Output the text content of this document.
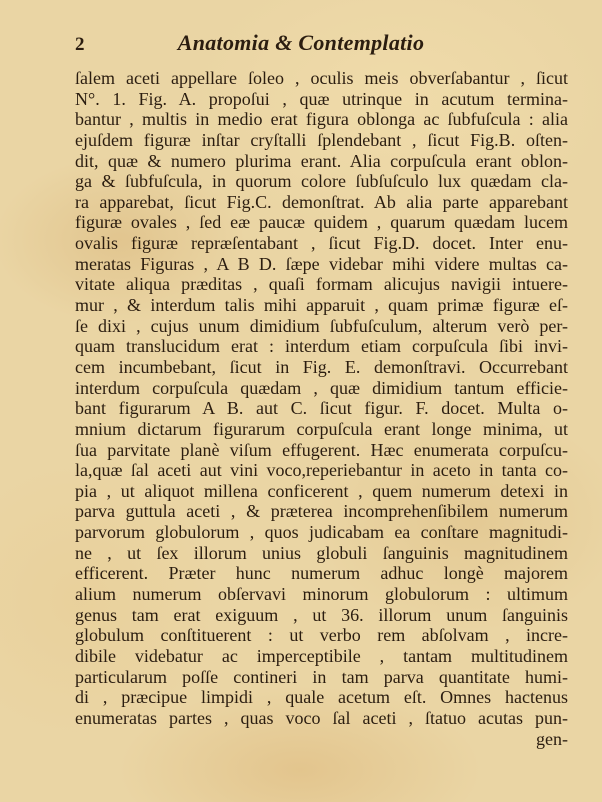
2	Anatomia & Contemplatio
ſalem aceti appellare ſoleo , oculis meis obverſabantur , ſicut
N°. 1. Fig. A. propoſui , quæ utrinque in acutum termina-
bantur , multis in medio erat figura oblonga ac ſubfuſcula : alia
ejuſdem figuræ inſtar cryſtalli ſplendebant , ſicut Fig.B. oſten-
dit, quæ & numero plurima erant. Alia corpuſcula erant oblon-
ga & ſubfuſcula, in quorum colore ſubſuſculo lux quædam cla-
ra apparebat, ſicut Fig.C. demonſtrat. Ab alia parte apparebant
figuræ ovales , ſed eæ paucæ quidem , quarum quædam lucem
ovalis figuræ repræſentabant , ſicut Fig.D. docet. Inter enu-
meratas Figuras , A B D. ſæpe videbar mihi videre multas ca-
vitate aliqua præditas , quaſi formam alicujus navigii intuere-
mur , & interdum talis mihi apparuit , quam primæ figuræ eſ-
ſe dixi , cujus unum dimidium ſubfuſculum, alterum verò per-
quam translucidum erat : interdum etiam corpuſcula ſibi invi-
cem incumbebant, ſicut in Fig. E. demonſtravi. Occurrebant
interdum corpuſcula quædam , quæ dimidium tantum efficie-
bant figurarum A B. aut C. ſicut figur. F. docet. Multa o-
mnium dictarum figurarum corpuſcula erant longe minima, ut
ſua parvitate planè viſum effugerent. Hæc enumerata corpuſcu-
la,quæ ſal aceti aut vini voco,reperiebantur in aceto in tanta co-
pia , ut aliquot millena conficerent , quem numerum detexi in
parva guttula aceti , & præterea incomprehenſibilem numerum
parvorum globulorum , quos judicabam ea conſtare magnitudi-
ne , ut ſex illorum unius globuli ſanguinis magnitudinem
efficerent. Præter hunc numerum adhuc longè majorem
alium numerum obſervavi minorum globulorum : ultimum
genus tam erat exiguum , ut 36. illorum unum ſanguinis
globulum conſtituerent : ut verbo rem abſolvam , incre-
dibile videbatur ac imperceptibile , tantam multitudinem
particularum poſſe contineri in tam parva quantitate humi-
di , præcipue limpidi , quale acetum eſt. Omnes hactenus
enumeratas partes , quas voco ſal aceti , ſtatuo acutas pun-
gen-
